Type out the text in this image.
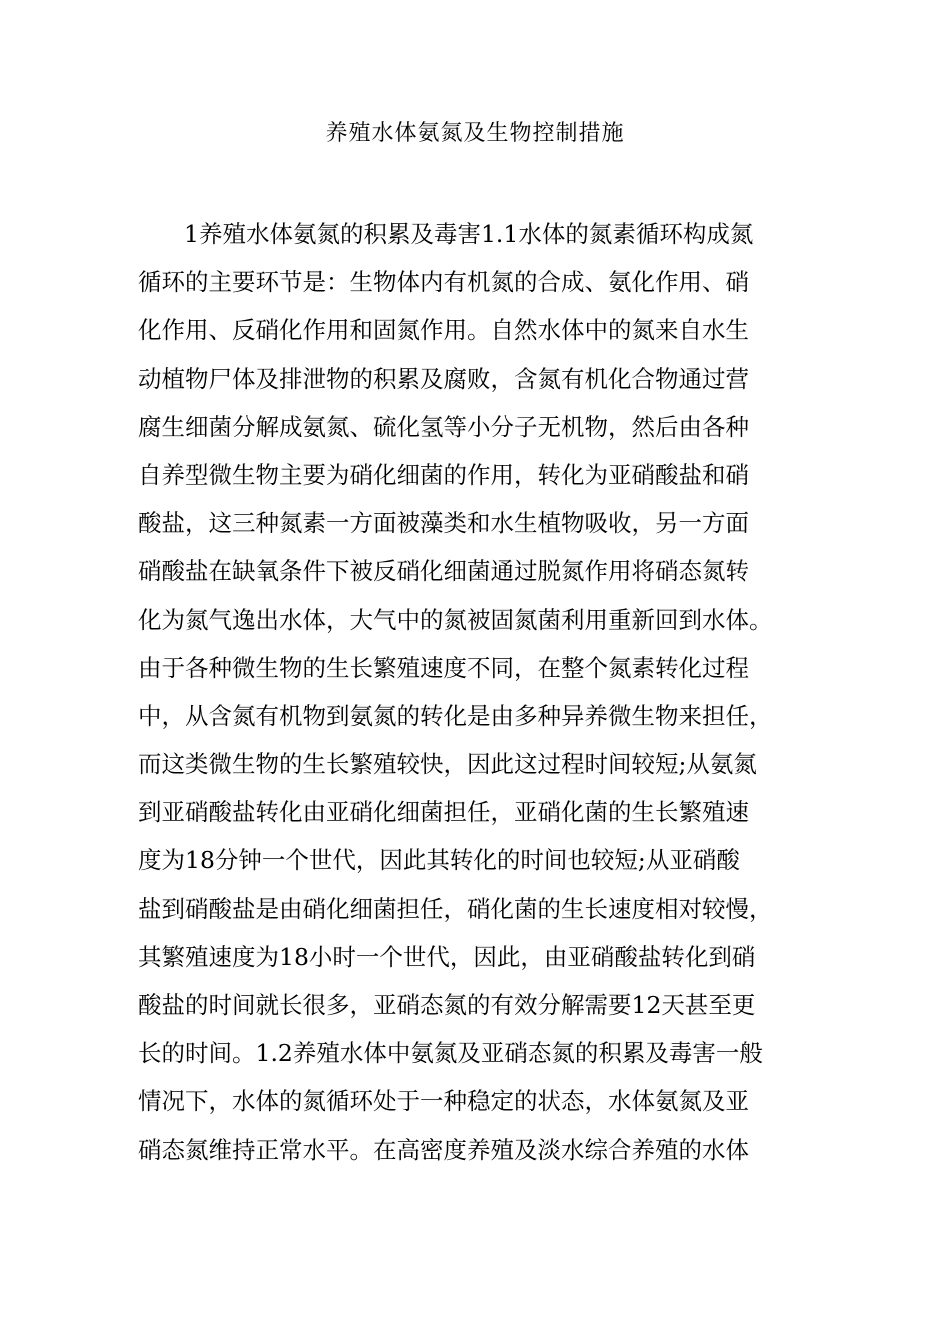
养殖水体氨氮及生物控制措施
1养殖水体氨氮的积累及毒害1.1水体的氮素循环构成氮
循环的主要环节是：生物体内有机氮的合成、氨化作用、硝
化作用、反硝化作用和固氮作用。自然水体中的氮来自水生
动植物尸体及排泄物的积累及腐败，含氮有机化合物通过营
腐生细菌分解成氨氮、硫化氢等小分子无机物，然后由各种
自养型微生物主要为硝化细菌的作用，转化为亚硝酸盐和硝
酸盐，这三种氮素一方面被藻类和水生植物吸收，另一方面
硝酸盐在缺氧条件下被反硝化细菌通过脱氮作用将硝态氮转
化为氮气逸出水体，大气中的氮被固氮菌利用重新回到水体。
由于各种微生物的生长繁殖速度不同，在整个氮素转化过程
中，从含氮有机物到氨氮的转化是由多种异养微生物来担任，
而这类微生物的生长繁殖较快，因此这过程时间较短;从氨氮
到亚硝酸盐转化由亚硝化细菌担任，亚硝化菌的生长繁殖速
度为18分钟一个世代，因此其转化的时间也较短;从亚硝酸
盐到硝酸盐是由硝化细菌担任，硝化菌的生长速度相对较慢，
其繁殖速度为18小时一个世代，因此，由亚硝酸盐转化到硝
酸盐的时间就长很多，亚硝态氮的有效分解需要12天甚至更
长的时间。1.2养殖水体中氨氮及亚硝态氮的积累及毒害一般
情况下，水体的氮循环处于一种稳定的状态，水体氨氮及亚
硝态氮维持正常水平。在高密度养殖及淡水综合养殖的水体
